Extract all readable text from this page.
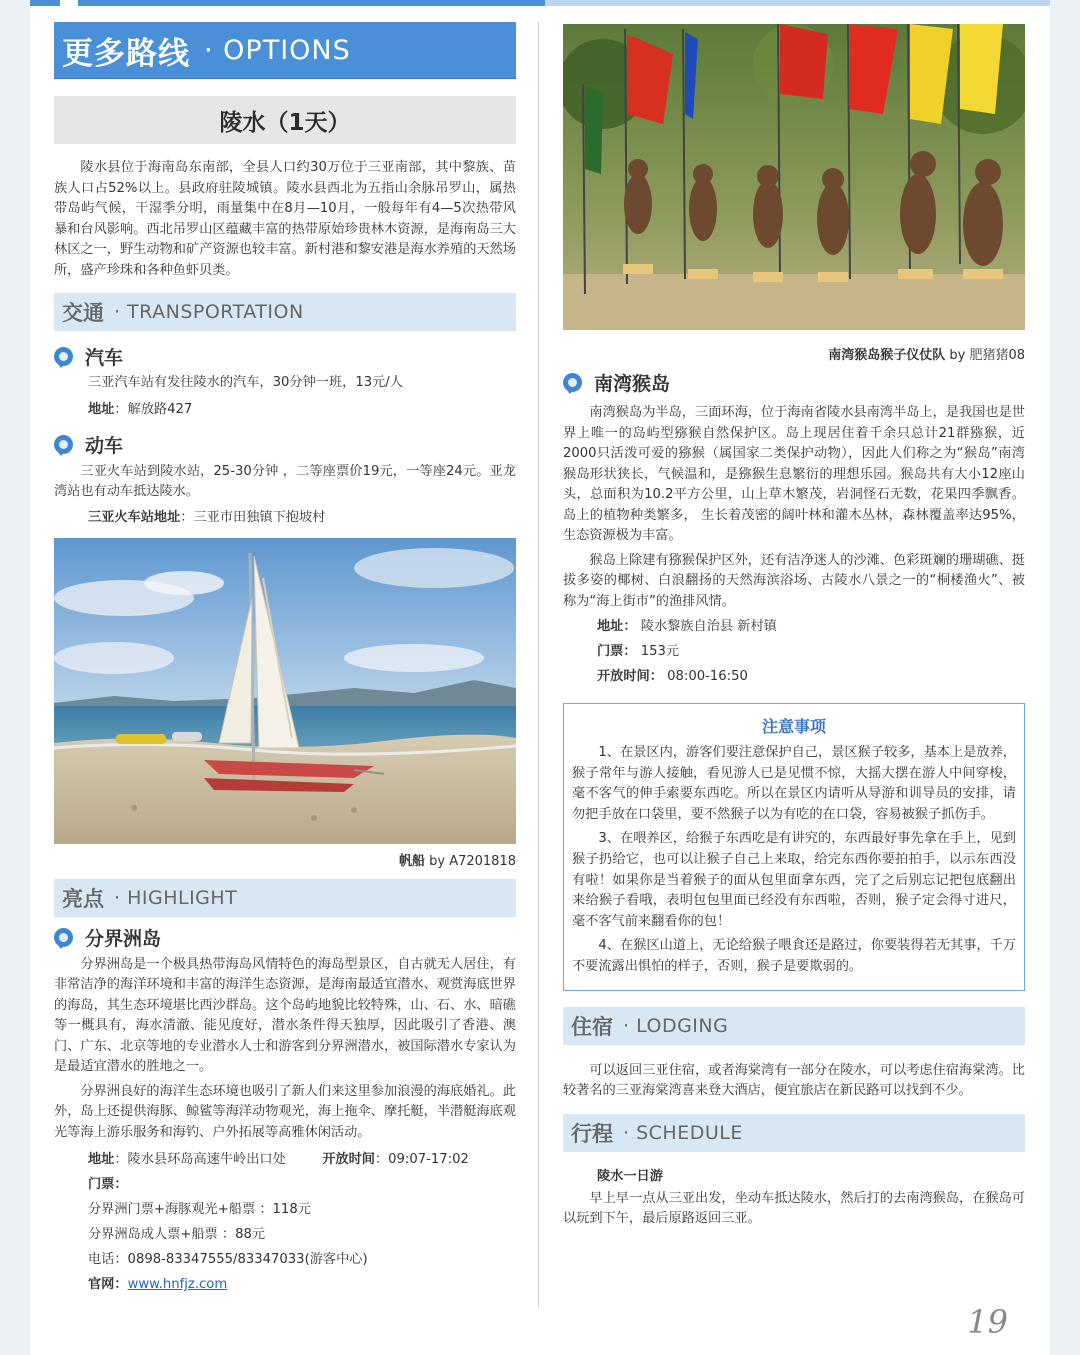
更多路线 · OPTIONS
陵水（1天）

陵水县位于海南岛东南部，全县人口约30万位于三亚南部，其中黎族、苗族人口占52%以上。县政府驻陵城镇。陵水县西北为五指山余脉吊罗山，属热带岛屿气候，干湿季分明，雨量集中在8月—10月，一般每年有4—5次热带风暴和台风影响。西北吊罗山区蕴藏丰富的热带原始珍贵林木资源，是海南岛三大林区之一，野生动物和矿产资源也较丰富。新村港和黎安港是海水养殖的天然场所，盛产珍珠和各种鱼虾贝类。

交通 · TRANSPORTATION
汽车
三亚汽车站有发往陵水的汽车，30分钟一班，13元/人
地址：解放路427
动车

三亚火车站到陵水站，25-30分钟 ，二等座票价19元，一等座24元。亚龙湾站也有动车抵达陵水。

三亚火车站地址：三亚市田独镇下抱坡村
帆船 by A7201818
亮点 · HIGHLIGHT
分界洲岛

分界洲岛是一个极具热带海岛风情特色的海岛型景区，自古就无人居住，有非常洁净的海洋环境和丰富的海洋生态资源，是海南最适宜潜水、观赏海底世界的海岛，其生态环境堪比西沙群岛。这个岛屿地貌比较特殊，山、石、水、暗礁等一概具有，海水清澈、能见度好，潜水条件得天独厚，因此吸引了香港、澳门、广东、北京等地的专业潜水人士和游客到分界洲潜水，被国际潜水专家认为是最适宜潜水的胜地之一。

分界洲良好的海洋生态环境也吸引了新人们来这里参加浪漫的海底婚礼。此外，岛上还提供海豚、鲸鲨等海洋动物观光，海上拖伞、摩托艇，半潜艇海底观光等海上游乐服务和海钓、户外拓展等高雅休闲活动。

地址：陵水县环岛高速牛岭出口处	开放时间：09:07-17:02
门票：
分界洲门票+海豚观光+船票 ：118元
分界洲岛成人票+船票 ：88元
电话：0898-83347555/83347033(游客中心)
官网：www.hnfjz.com
南湾猴岛猴子仪仗队 by 肥猪猪08
南湾猴岛

南湾猴岛为半岛，三面环海，位于海南省陵水县南湾半岛上，是我国也是世界上唯一的岛屿型猕猴自然保护区。岛上现居住着千余只总计21群猕猴，近2000只活泼可爱的猕猴（属国家二类保护动物），因此人们称之为“猴岛”南湾猴岛形状狭长，气候温和，是猕猴生息繁衍的理想乐园。猴岛共有大小12座山头，总面积为10.2平方公里，山上草木繁茂，岩洞怪石无数，花果四季飘香。岛上的植物种类繁多， 生长着茂密的阔叶林和灌木丛林，森林覆盖率达95%，生态资源极为丰富。

猴岛上除建有猕猴保护区外，还有洁净迷人的沙滩、色彩斑斓的珊瑚礁、挺拔多姿的椰树、白浪翻扬的天然海滨浴场、古陵水八景之一的“桐楼渔火”、被称为“海上街市”的渔排风情。

地址： 陵水黎族自治县 新村镇
门票： 153元
开放时间： 08:00-16:50
注意事项

1、在景区内，游客们要注意保护自己，景区猴子较多，基本上是放养，猴子常年与游人接触，看见游人已是见惯不惊，大摇大摆在游人中间穿梭，毫不客气的伸手索要东西吃。所以在景区内请听从导游和训导员的安排，请勿把手放在口袋里，要不然猴子以为有吃的在口袋，容易被猴子抓伤手。

3、在喂养区，给猴子东西吃是有讲究的，东西最好事先拿在手上，见到猴子扔给它，也可以让猴子自己上来取，给完东西你要拍拍手，以示东西没有啦！如果你是当着猴子的面从包里面拿东西，完了之后别忘记把包底翻出来给猴子看哦，表明包包里面已经没有东西啦，否则，猴子定会得寸进尺，毫不客气前来翻看你的包！

4、在猴区山道上，无论给猴子喂食还是路过，你要装得若无其事，千万不要流露出惧怕的样子，否则，猴子是要欺弱的。

住宿 · LODGING

可以返回三亚住宿，或者海棠湾有一部分在陵水，可以考虑住宿海棠湾。比较著名的三亚海棠湾喜来登大酒店，便宜旅店在新民路可以找到不少。

行程 · SCHEDULE
陵水一日游

早上早一点从三亚出发，坐动车抵达陵水，然后打的去南湾猴岛，在猴岛可以玩到下午，最后原路返回三亚。

19
